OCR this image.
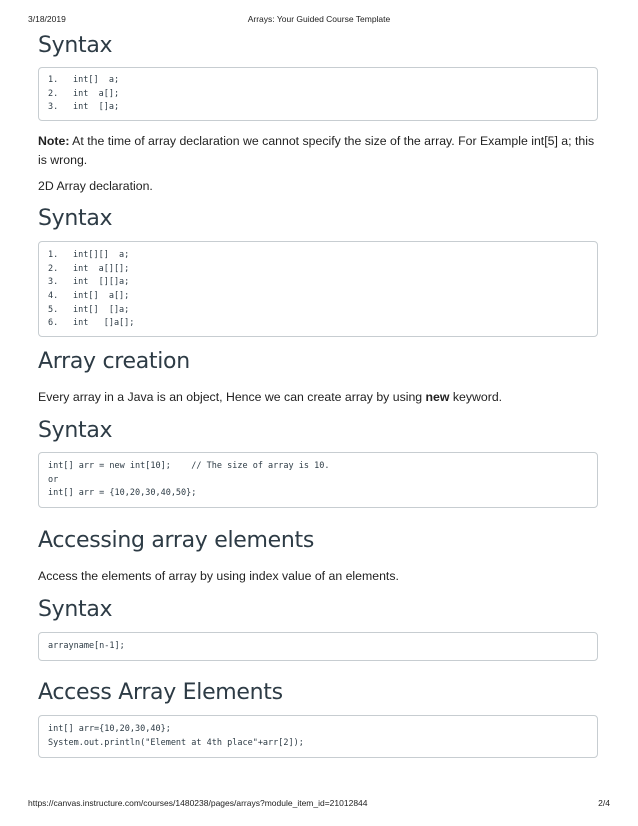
3/18/2019	Arrays: Your Guided Course Template
Syntax
1. int[]  a;
2. int  a[];
3. int  []a;

Note: At the time of array declaration we cannot specify the size of the array. For Example int[5] a; this is wrong.

2D Array declaration.

Syntax
1. int[][]  a;
2. int  a[][];
3. int  [][]a;
4. int[]  a[];
5. int[]  []a;
6. int   []a[];
Array creation

Every array in a Java is an object, Hence we can create array by using new keyword.

Syntax
int[] arr = new int[10];    // The size of array is 10.
or
int[] arr = {10,20,30,40,50};
Accessing array elements

Access the elements of array by using index value of an elements.

Syntax
arrayname[n-1];
Access Array Elements
int[] arr={10,20,30,40};
System.out.println("Element at 4th place"+arr[2]);
https://canvas.instructure.com/courses/1480238/pages/arrays?module_item_id=21012844	2/4
